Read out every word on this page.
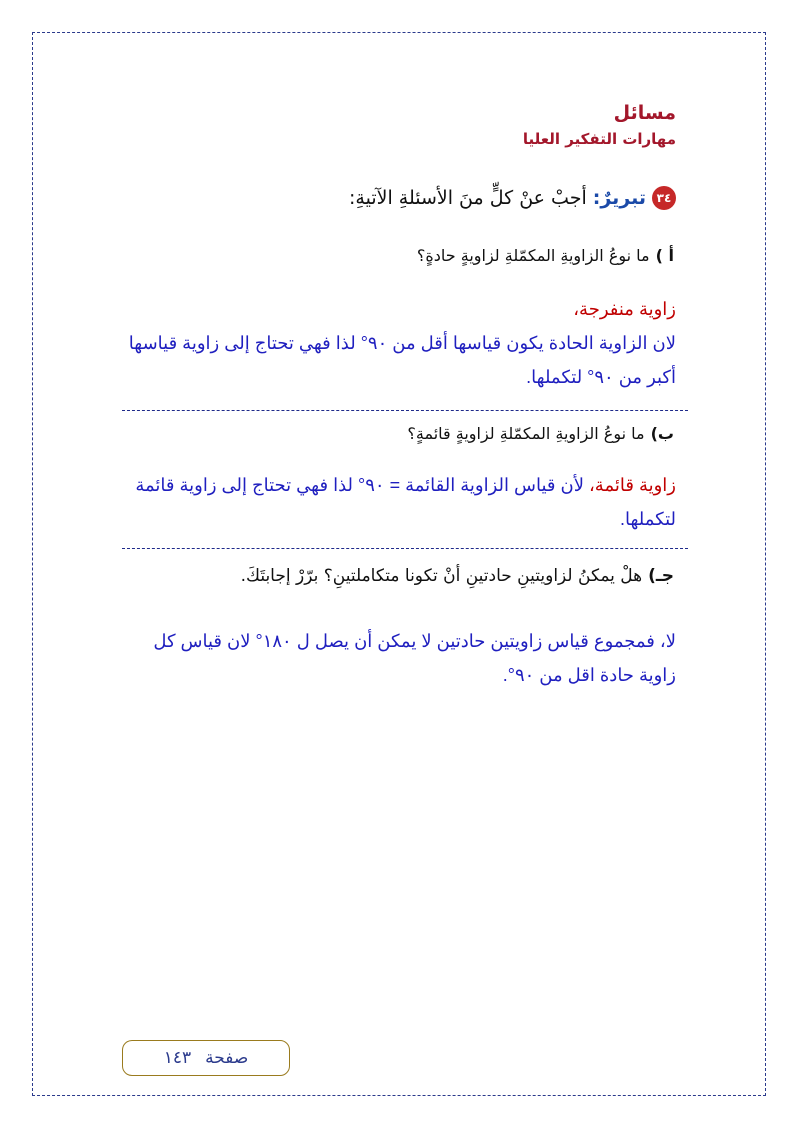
مسائل
مهارات التفكير العليا
٣٤
تبريرٌ:
أجبْ عنْ كلٍّ منَ الأسئلةِ الآتيةِ:
أ )
ما نوعُ الزاويةِ المكمّلةِ لزاويةٍ حادةٍ؟
زاوية منفرجة،
لان الزاوية الحادة يكون قياسها أقل من ٩٠° لذا فهي تحتاج إلى زاوية قياسها أكبر من ٩٠° لتكملها.
ب)
ما نوعُ الزاويةِ المكمّلةِ لزاويةٍ قائمةٍ؟
زاوية قائمة، لأن قياس الزاوية القائمة = ٩٠° لذا فهي تحتاج إلى زاوية قائمة لتكملها.
جـ)
هلْ يمكنُ لزاويتينِ حادتينِ أنْ تكونا متكاملتينِ؟ برّرْ إجابتَكَ.
لا، فمجموع قياس زاويتين حادتين لا يمكن أن يصل ل ١٨٠° لان قياس كل زاوية حادة اقل من ٩٠°.
صفحة
١٤٣
